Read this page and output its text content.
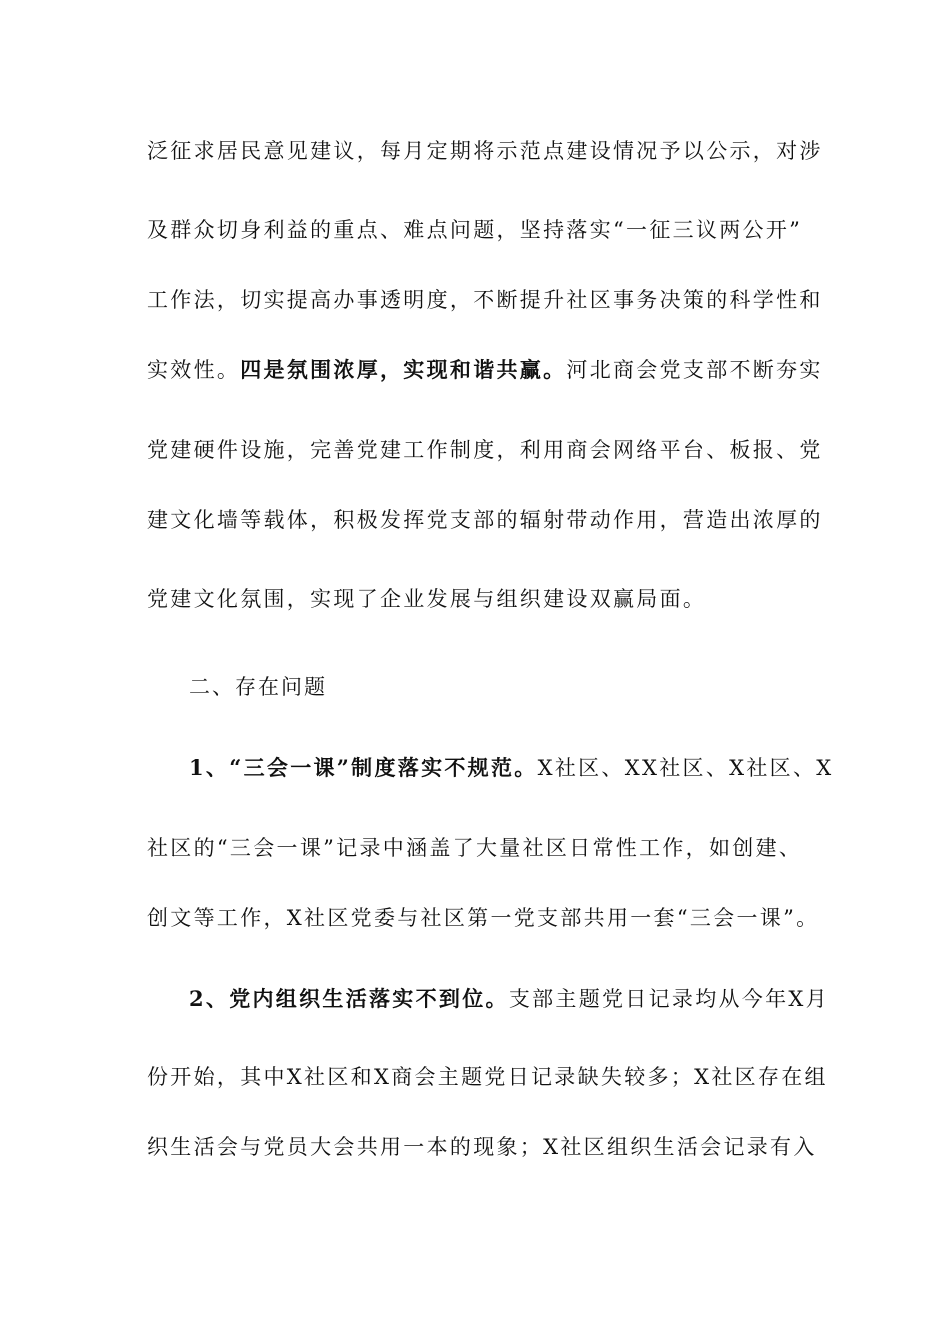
泛征求居民意见建议，每月定期将示范点建设情况予以公示，对涉
及群众切身利益的重点、难点问题，坚持落实“一征三议两公开”
工作法，切实提高办事透明度，不断提升社区事务决策的科学性和
实效性。四是氛围浓厚，实现和谐共赢。河北商会党支部不断夯实
党建硬件设施，完善党建工作制度，利用商会网络平台、板报、党
建文化墙等载体，积极发挥党支部的辐射带动作用，营造出浓厚的
党建文化氛围，实现了企业发展与组织建设双赢局面。
二、存在问题
1、“三会一课”制度落实不规范。X社区、XX社区、X社区、X
社区的“三会一课”记录中涵盖了大量社区日常性工作，如创建、
创文等工作，X社区党委与社区第一党支部共用一套“三会一课”。
2、党内组织生活落实不到位。支部主题党日记录均从今年X月
份开始，其中X社区和X商会主题党日记录缺失较多；X社区存在组
织生活会与党员大会共用一本的现象；X社区组织生活会记录有入
